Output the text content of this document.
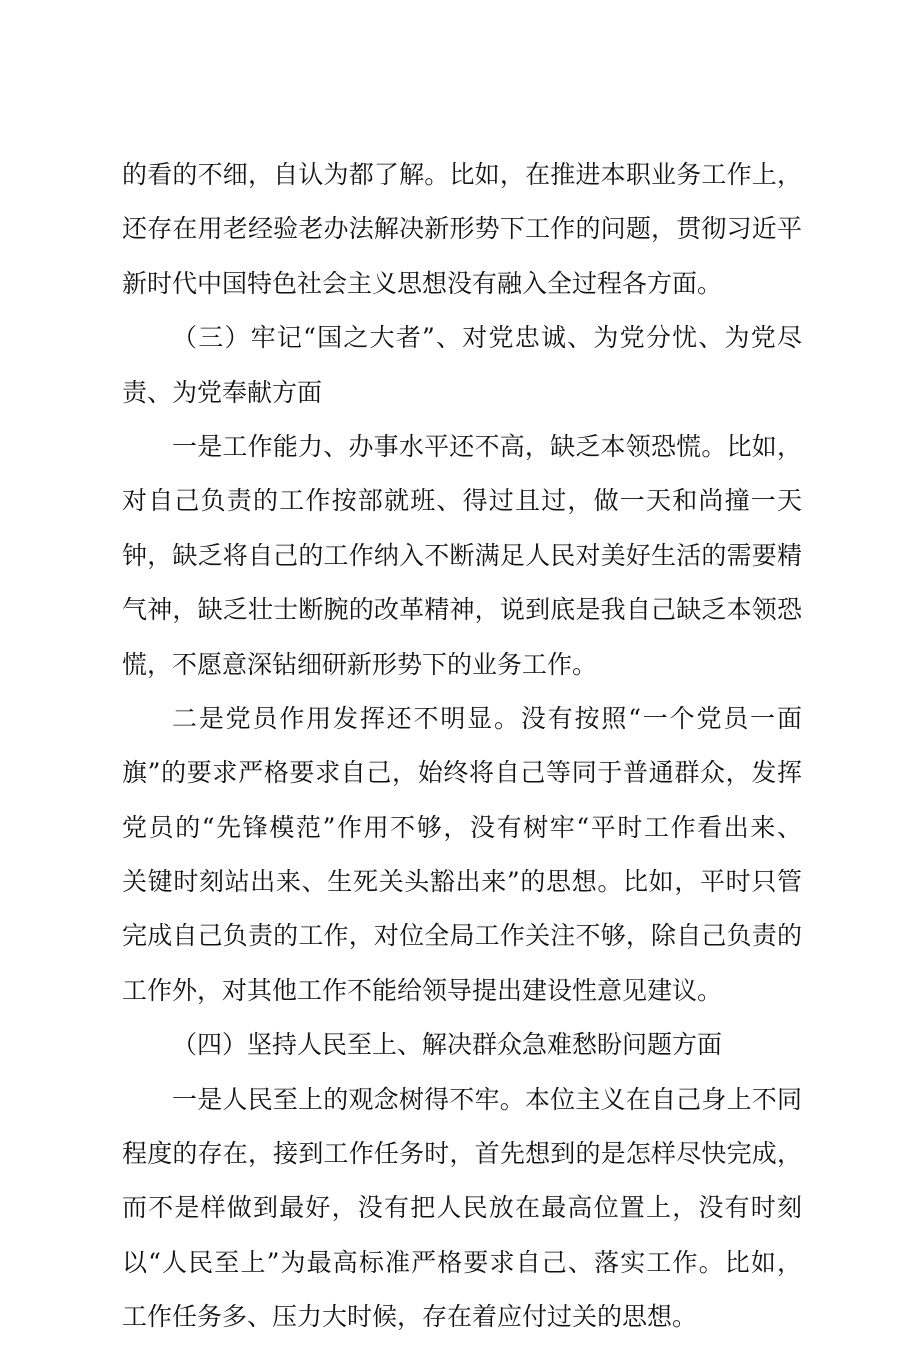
的看的不细，自认为都了解。比如，在推进本职业务工作上，
还存在用老经验老办法解决新形势下工作的问题，贯彻习近平
新时代中国特色社会主义思想没有融入全过程各方面。
（三）牢记“国之大者”、对党忠诚、为党分忧、为党尽
责、为党奉献方面
一是工作能力、办事水平还不高，缺乏本领恐慌。比如，
对自己负责的工作按部就班、得过且过，做一天和尚撞一天
钟，缺乏将自己的工作纳入不断满足人民对美好生活的需要精
气神，缺乏壮士断腕的改革精神，说到底是我自己缺乏本领恐
慌，不愿意深钻细研新形势下的业务工作。
二是党员作用发挥还不明显。没有按照“一个党员一面
旗”的要求严格要求自己，始终将自己等同于普通群众，发挥
党员的“先锋模范”作用不够，没有树牢“平时工作看出来、
关键时刻站出来、生死关头豁出来”的思想。比如，平时只管
完成自己负责的工作，对位全局工作关注不够，除自己负责的
工作外，对其他工作不能给领导提出建设性意见建议。
（四）坚持人民至上、解决群众急难愁盼问题方面
一是人民至上的观念树得不牢。本位主义在自己身上不同
程度的存在，接到工作任务时，首先想到的是怎样尽快完成，
而不是样做到最好，没有把人民放在最高位置上，没有时刻
以“人民至上”为最高标准严格要求自己、落实工作。比如，
工作任务多、压力大时候，存在着应付过关的思想。
